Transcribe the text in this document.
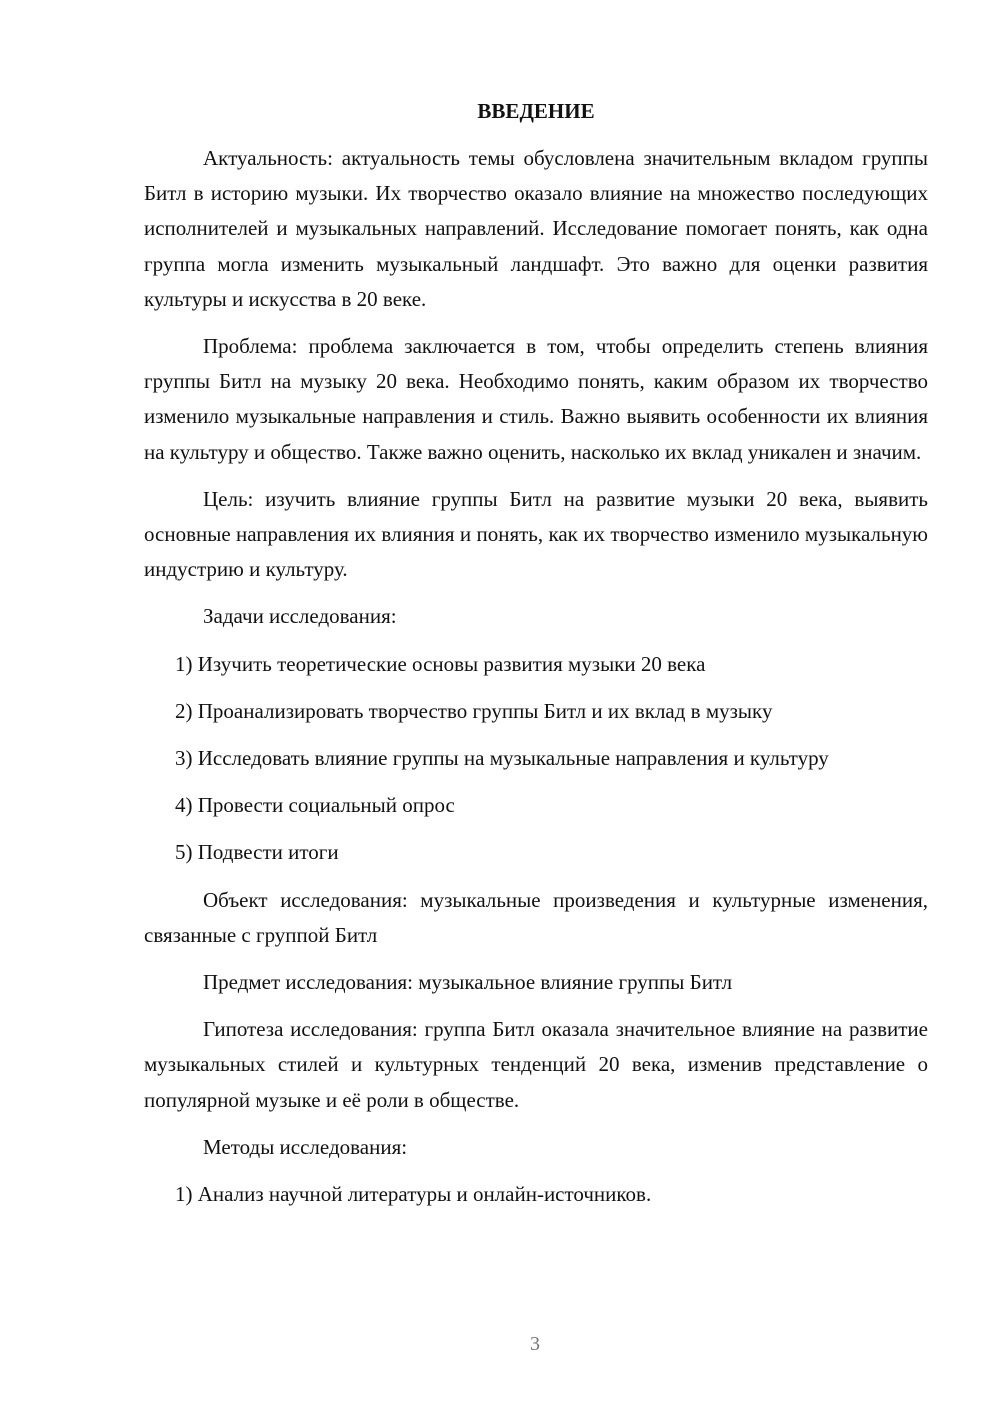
ВВЕДЕНИЕ

Актуальность: актуальность темы обусловлена значительным вкладом группы Битл в историю музыки. Их творчество оказало влияние на множество последующих исполнителей и музыкальных направлений. Исследование помогает понять, как одна группа могла изменить музыкальный ландшафт. Это важно для оценки развития культуры и искусства в 20 веке.

Проблема: проблема заключается в том, чтобы определить степень влияния группы Битл на музыку 20 века. Необходимо понять, каким образом их творчество изменило музыкальные направления и стиль. Важно выявить особенности их влияния на культуру и общество. Также важно оценить, насколько их вклад уникален и значим.

Цель: изучить влияние группы Битл на развитие музыки 20 века, выявить основные направления их влияния и понять, как их творчество изменило музыкальную индустрию и культуру.

Задачи исследования:

1) Изучить теоретические основы развития музыки 20 века

2) Проанализировать творчество группы Битл и их вклад в музыку

3) Исследовать влияние группы на музыкальные направления и культуру

4) Провести социальный опрос

5) Подвести итоги

Объект исследования: музыкальные произведения и культурные изменения, связанные с группой Битл

Предмет исследования: музыкальное влияние группы Битл

Гипотеза исследования: группа Битл оказала значительное влияние на развитие музыкальных стилей и культурных тенденций 20 века, изменив представление о популярной музыке и её роли в обществе.

Методы исследования:

1) Анализ научной литературы и онлайн-источников.

3
